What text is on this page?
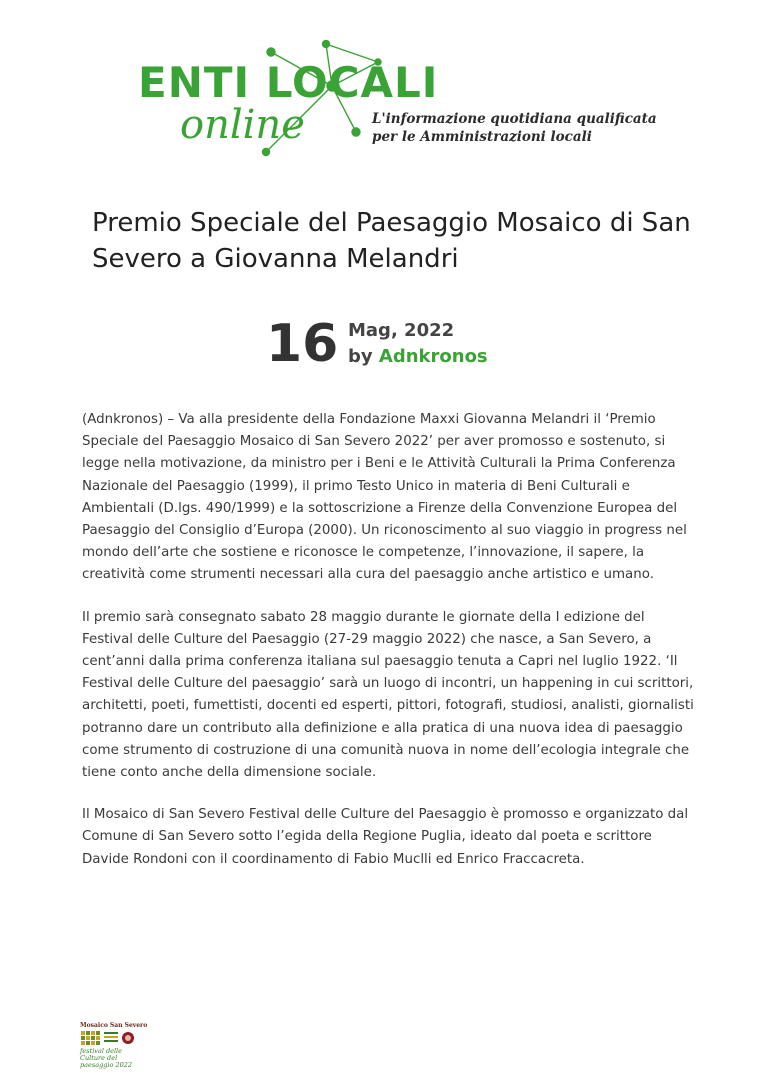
ENTI LOCALI
online	L'informazione quotidiana qualificata
per le Amministrazioni locali
Premio Speciale del Paesaggio Mosaico di San Severo a Giovanna Melandri
16 Mag, 2022
by Adnkronos

(Adnkronos) – Va alla presidente della Fondazione Maxxi Giovanna Melandri il ‘Premio Speciale del Paesaggio Mosaico di San Severo 2022’ per aver promosso e sostenuto, si legge nella motivazione, da ministro per i Beni e le Attività Culturali la Prima Conferenza Nazionale del Paesaggio (1999), il primo Testo Unico in materia di Beni Culturali e Ambientali (D.lgs. 490/1999) e la sottoscrizione a Firenze della Convenzione Europea del Paesaggio del Consiglio d’Europa (2000). Un riconoscimento al suo viaggio in progress nel mondo dell’arte che sostiene e riconosce le competenze, l’innovazione, il sapere, la creatività come strumenti necessari alla cura del paesaggio anche artistico e umano.

Il premio sarà consegnato sabato 28 maggio durante le giornate della I edizione del Festival delle Culture del Paesaggio (27-29 maggio 2022) che nasce, a San Severo, a cent’anni dalla prima conferenza italiana sul paesaggio tenuta a Capri nel luglio 1922. ‘Il Festival delle Culture del paesaggio’ sarà un luogo di incontri, un happening in cui scrittori, architetti, poeti, fumettisti, docenti ed esperti, pittori, fotografi, studiosi, analisti, giornalisti potranno dare un contributo alla definizione e alla pratica di una nuova idea di paesaggio come strumento di costruzione di una comunità nuova in nome dell’ecologia integrale che tiene conto anche della dimensione sociale.

Il Mosaico di San Severo Festival delle Culture del Paesaggio è promosso e organizzato dal Comune di San Severo sotto l’egida della Regione Puglia, ideato dal poeta e scrittore Davide Rondoni con il coordinamento di Fabio Muclli ed Enrico Fraccacreta.

Mosaico San Severo
festival delle Culture del paesaggio 2022
